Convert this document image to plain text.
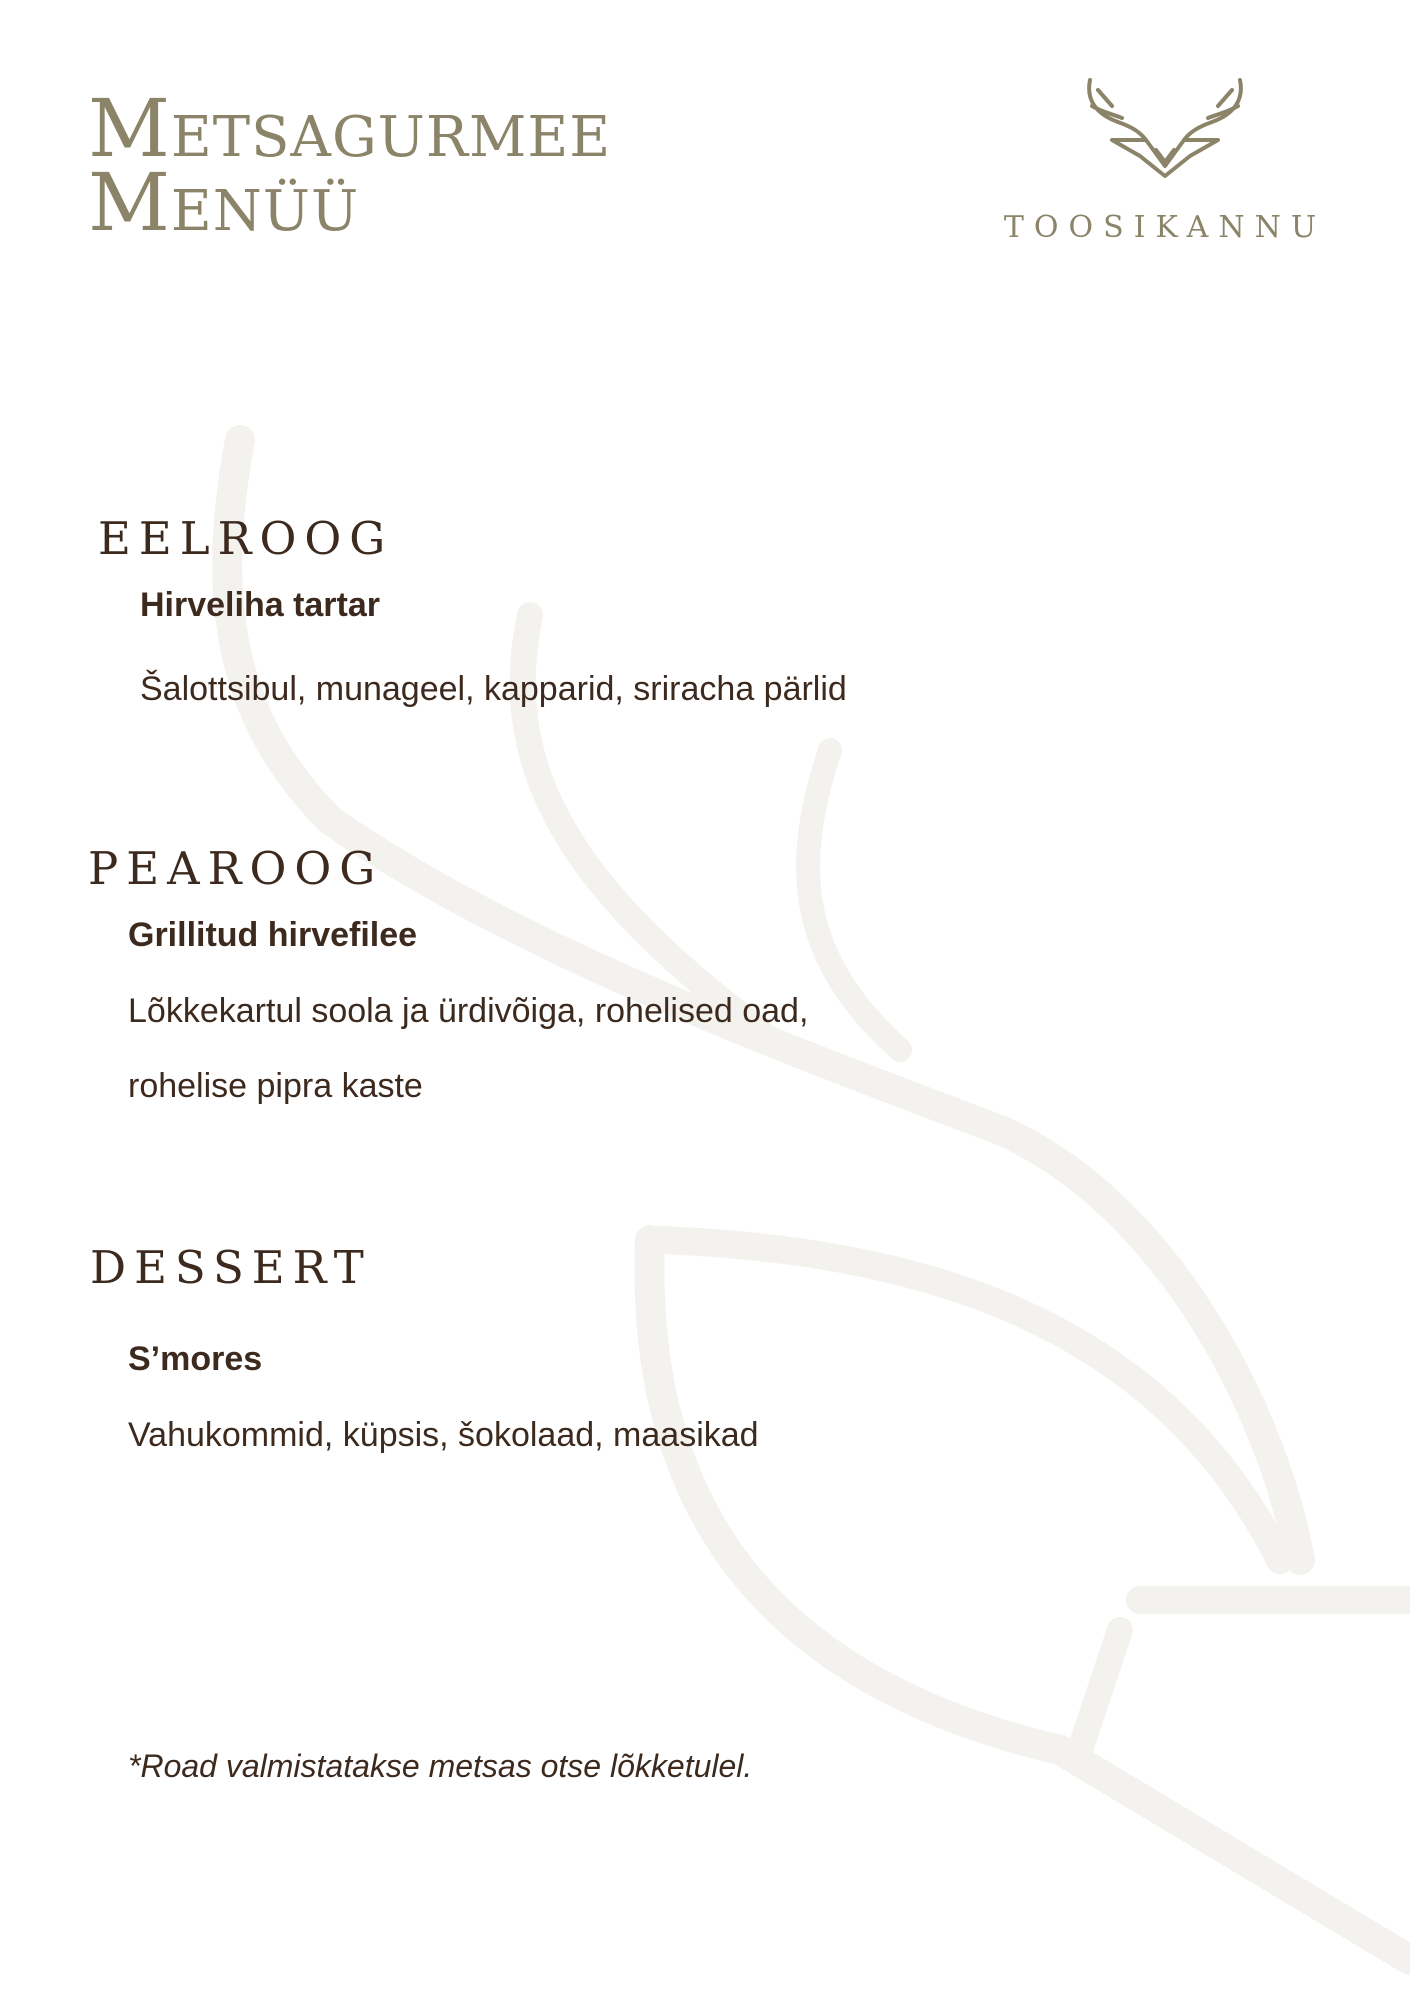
Metsagurmee
Menüü	TOOSIKANNU
EELROOG

Hirveliha tartar

Šalottsibul, munageel, kapparid, sriracha pärlid

PEAROOG

Grillitud hirvefilee

Lõkkekartul soola ja ürdivõiga, rohelised oad,

rohelise pipra kaste

DESSERT

S’mores

Vahukommid, küpsis, šokolaad, maasikad

*Road valmistatakse metsas otse lõkketulel.
